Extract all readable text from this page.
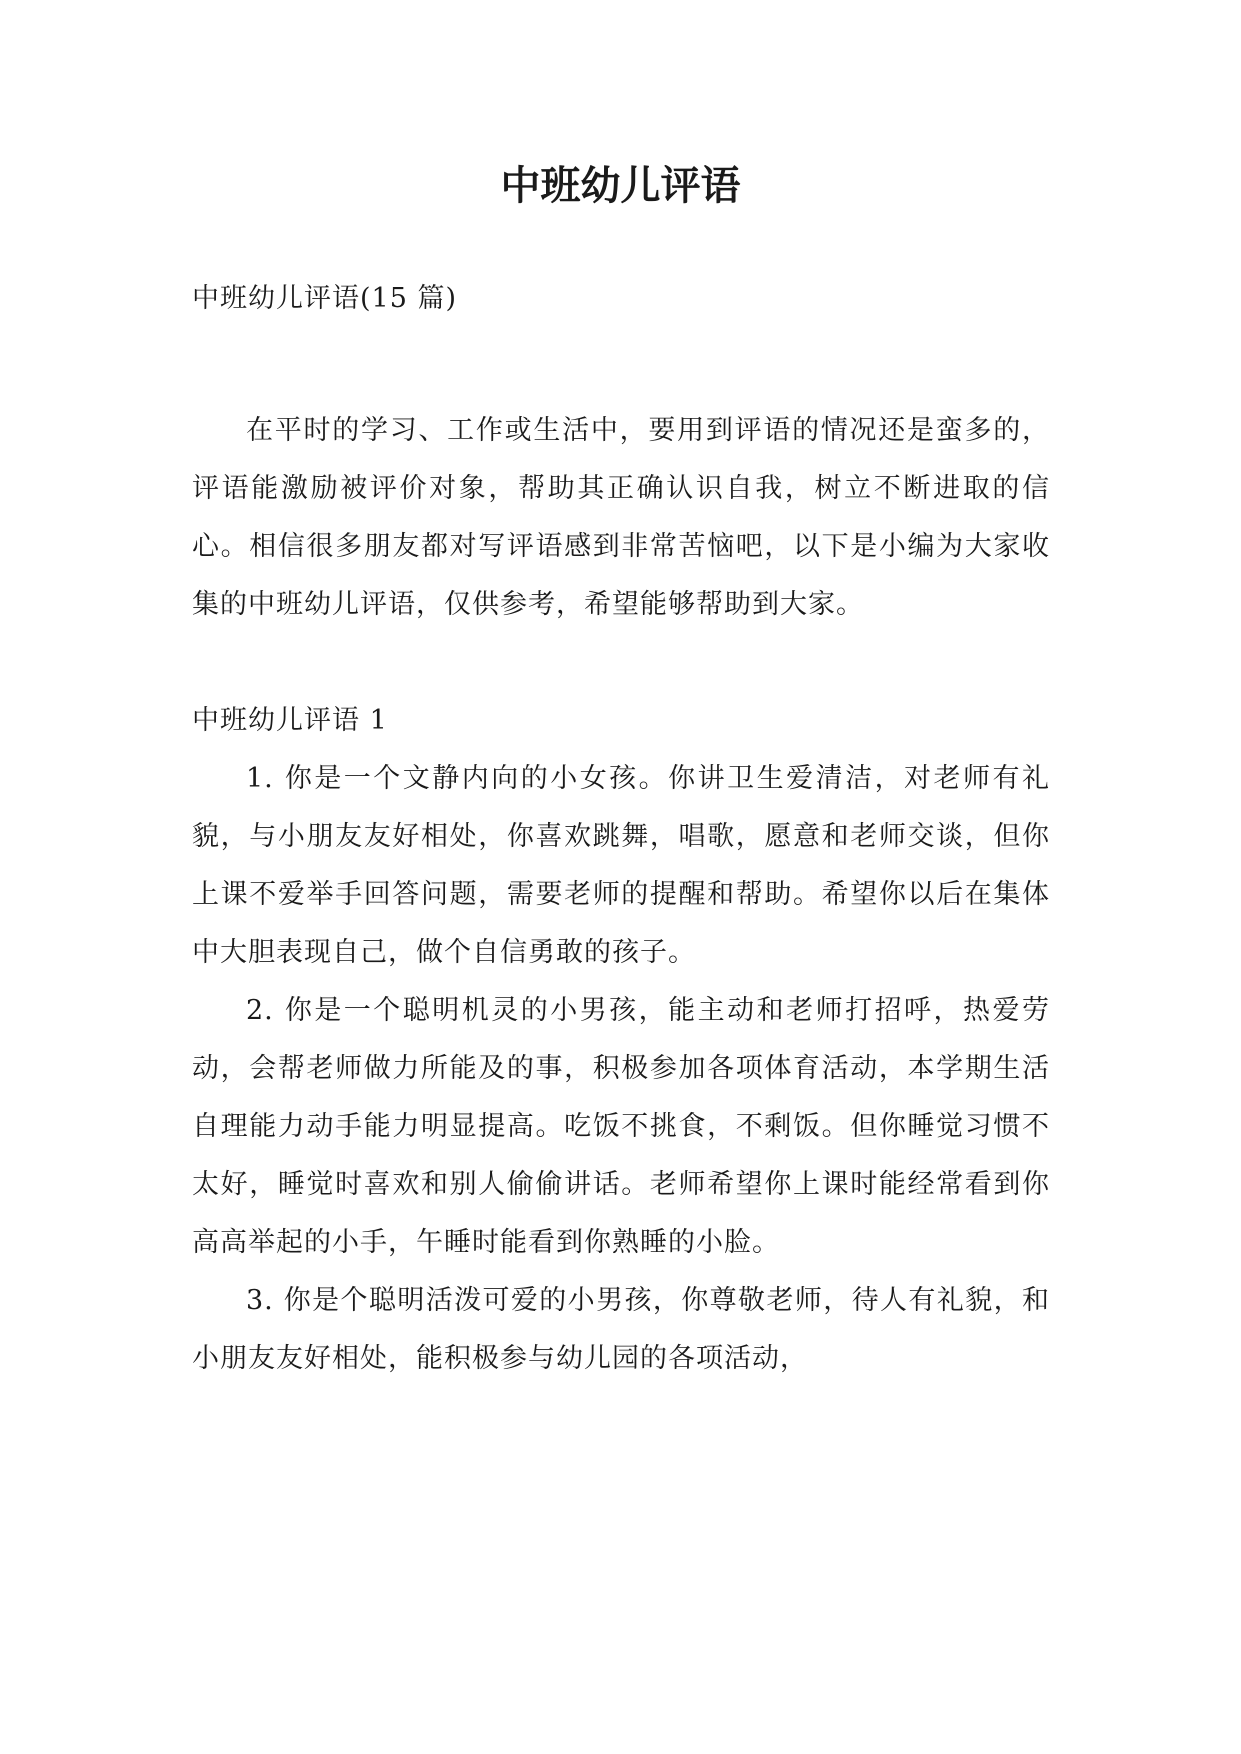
中班幼儿评语

中班幼儿评语(15 篇)

在平时的学习、工作或生活中，要用到评语的情况还是蛮多的，评语能激励被评价对象，帮助其正确认识自我，树立不断进取的信心。相信很多朋友都对写评语感到非常苦恼吧，以下是小编为大家收集的中班幼儿评语，仅供参考，希望能够帮助到大家。

中班幼儿评语 1

1. 你是一个文静内向的小女孩。你讲卫生爱清洁，对老师有礼貌，与小朋友友好相处，你喜欢跳舞，唱歌，愿意和老师交谈，但你上课不爱举手回答问题，需要老师的提醒和帮助。希望你以后在集体中大胆表现自己，做个自信勇敢的孩子。

2. 你是一个聪明机灵的小男孩，能主动和老师打招呼，热爱劳动，会帮老师做力所能及的事，积极参加各项体育活动，本学期生活自理能力动手能力明显提高。吃饭不挑食，不剩饭。但你睡觉习惯不太好，睡觉时喜欢和别人偷偷讲话。老师希望你上课时能经常看到你高高举起的小手，午睡时能看到你熟睡的小脸。

3. 你是个聪明活泼可爱的小男孩，你尊敬老师，待人有礼貌，和小朋友友好相处，能积极参与幼儿园的各项活动，
